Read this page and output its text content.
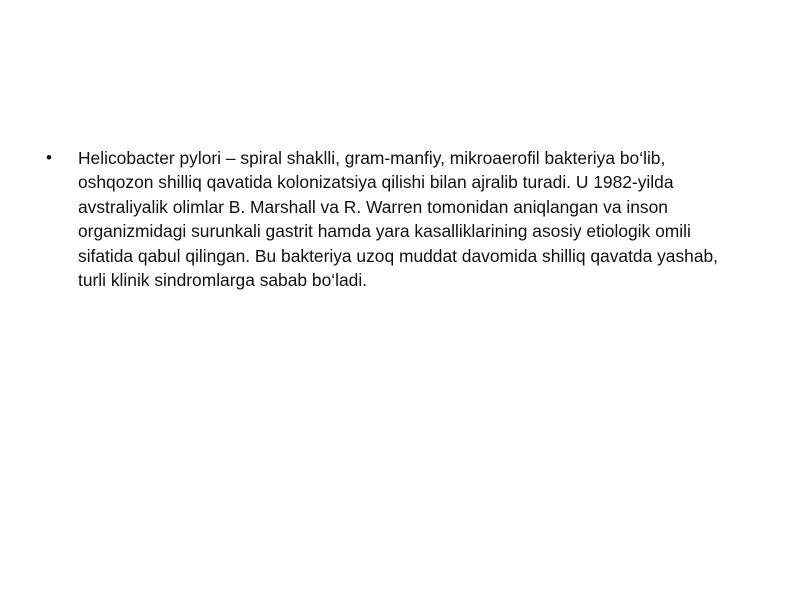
• Helicobacter pylori – spiral shaklli, gram-manfiy, mikroaerofil bakteriya bo‘lib,
oshqozon shilliq qavatida kolonizatsiya qilishi bilan ajralib turadi. U 1982-yilda
avstraliyalik olimlar B. Marshall va R. Warren tomonidan aniqlangan va inson
organizmidagi surunkali gastrit hamda yara kasalliklarining asosiy etiologik omili
sifatida qabul qilingan. Bu bakteriya uzoq muddat davomida shilliq qavatda yashab,
turli klinik sindromlarga sabab bo‘ladi.
